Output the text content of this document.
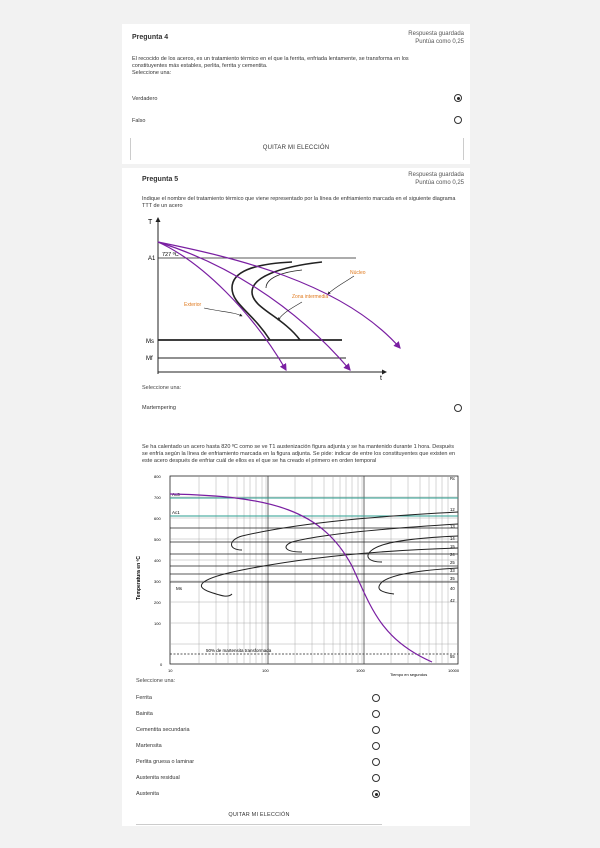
Pregunta 4	Respuesta guardada
Puntúa como 0,25
El recocido de los aceros, es un tratamiento térmico en el que la ferrita, enfriada lentamente, se transforma en los
constituyentes más estables, perlita, ferrita y cementita.
Seleccione una:
Verdadero
Falso
QUITAR MI ELECCIÓN
Pregunta 5
Respuesta guardada
Puntúa como 0,25
Indique el nombre del tratamiento térmico que viene representado por la línea de enfriamiento marcada en el siguiente diagrama
TTT de un acero
T
t
A1
727 ºC
Ms
Mf
Núcleo
Zona intermedia
Exterior
Seleccione una:
Martempering
Se ha calentado un acero hasta 820 ºC como se ve T1 austenización figura adjunta y se ha mantenido durante 1 hora. Después
se enfría según la línea de enfriamiento marcada en la figura adjunta. Se pide: indicar de entre los constituyentes que existen en
este acero después de enfriar cuál de ellos es el que se ha creado el primero en orden temporal
Ac3
Ac1
50% de martensita transformada
Ms
Temperatura en ºC
800
700
600
500
400
300
200
100
0
10	100	1000	10000
Tiempo en segundos
Rc
12
13
14
15
24
25
33
35
40
42
55
Seleccione una:
Ferrita
Bainita
Cementita secundaria
Martensita
Perlita gruesa o laminar
Austenita residual
Austenita
QUITAR MI ELECCIÓN
